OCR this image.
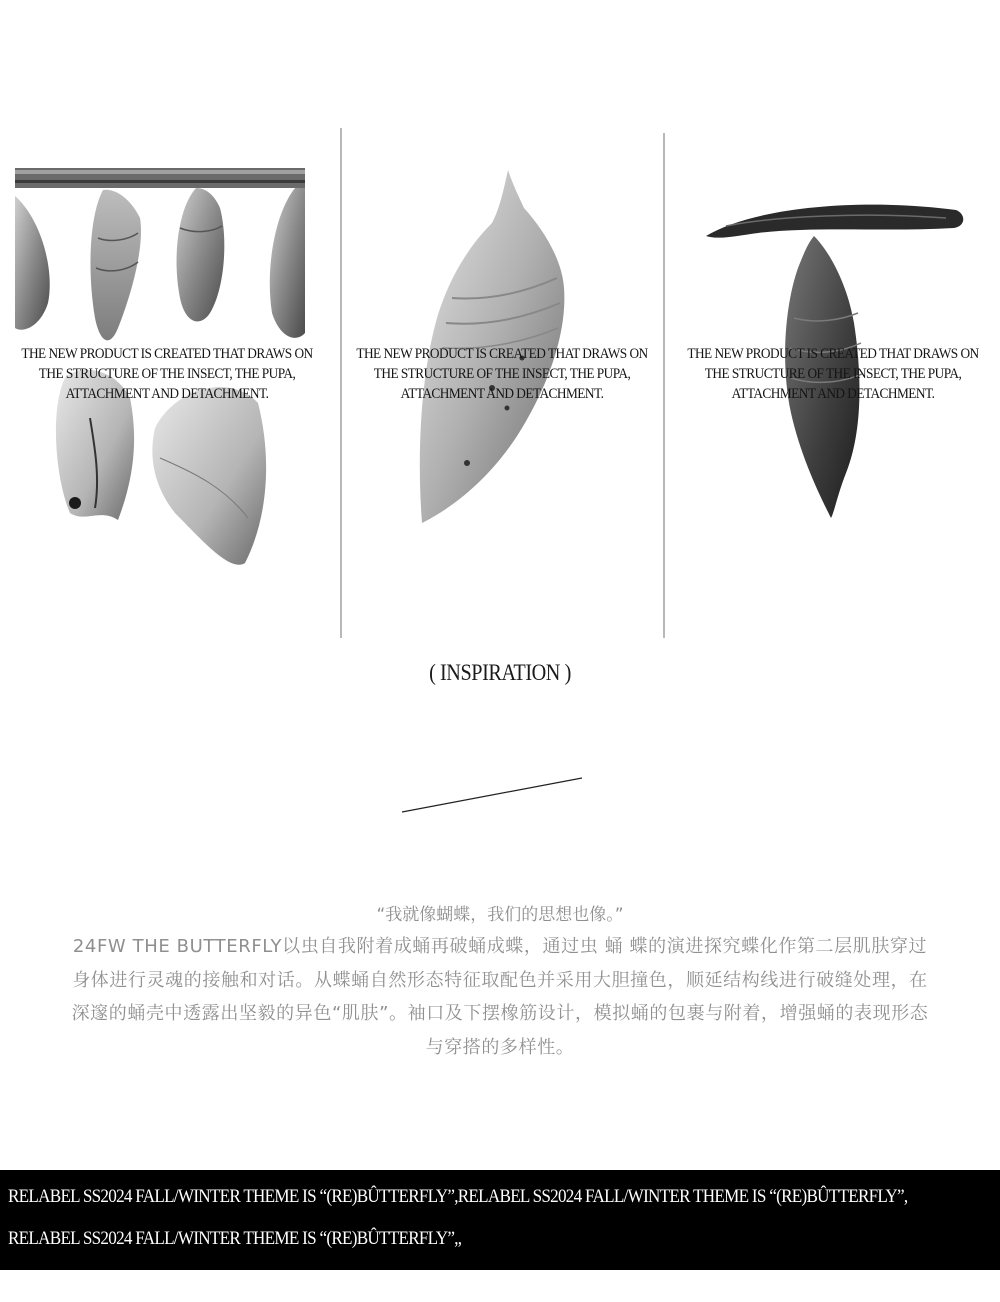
THE NEW PRODUCT IS CREATED THAT DRAWS ON THE STRUCTURE OF THE INSECT, THE PUPA, ATTACHMENT AND DETACHMENT.
THE NEW PRODUCT IS CREATED THAT DRAWS ON THE STRUCTURE OF THE INSECT, THE PUPA, ATTACHMENT AND DETACHMENT.
THE NEW PRODUCT IS CREATED THAT DRAWS ON THE STRUCTURE OF THE INSECT, THE PUPA, ATTACHMENT AND DETACHMENT.
( INSPIRATION )
“我就像蝴蝶，我们的思想也像。”
24FW THE BUTTERFLY以虫自我附着成蛹再破蛹成蝶，通过虫 蛹 蝶的演进探究蝶化作第二层肌肤穿过身体进行灵魂的接触和对话。从蝶蛹自然形态特征取配色并采用大胆撞色，顺延结构线进行破缝处理，在深邃的蛹壳中透露出坚毅的异色“肌肤”。袖口及下摆橡筋设计，模拟蛹的包裹与附着，增强蛹的表现形态与穿搭的多样性。
RELABEL SS2024 FALL/WINTER THEME IS “(RE)BÛTTERFLY”,RELABEL SS2024 FALL/WINTER THEME IS “(RE)BÛTTERFLY”,
RELABEL SS2024 FALL/WINTER THEME IS “(RE)BÛTTERFLY”,,
